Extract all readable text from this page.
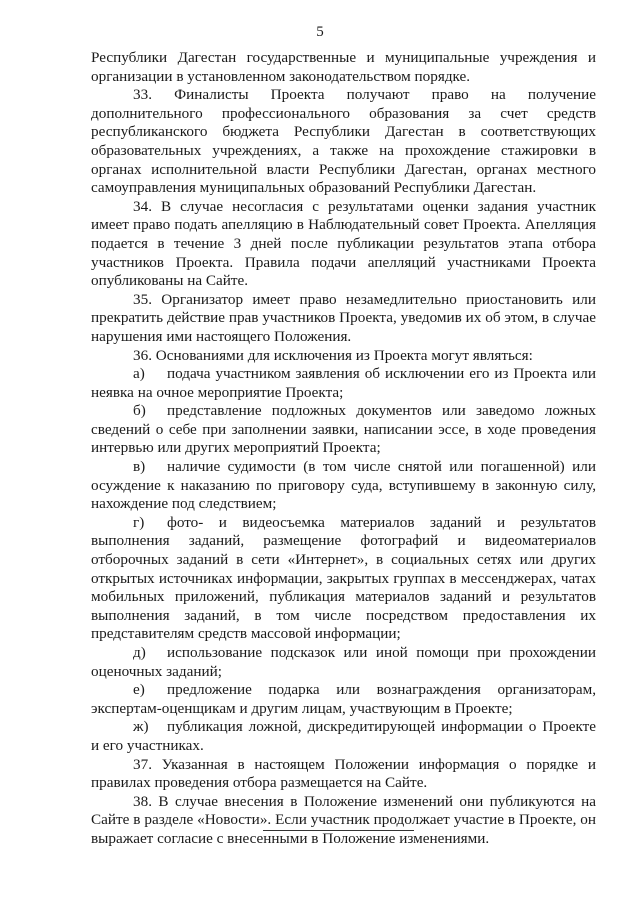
5

Республики Дагестан государственные и муниципальные учреждения и организации в установленном законодательством порядке.

33. Финалисты Проекта получают право на получение дополнительного профессионального образования за счет средств республиканского бюджета Республики Дагестан в соответствующих образовательных учреждениях, а также на прохождение стажировки в органах исполнительной власти Республики Дагестан, органах местного самоуправления муниципальных образований Республики Дагестан.

34. В случае несогласия с результатами оценки задания участник имеет право подать апелляцию в Наблюдательный совет Проекта. Апелляция подается в течение 3 дней после публикации результатов этапа отбора участников Проекта. Правила подачи апелляций участниками Проекта опубликованы на Сайте.

35. Организатор имеет право незамедлительно приостановить или прекратить действие прав участников Проекта, уведомив их об этом, в случае нарушения ими настоящего Положения.

36. Основаниями для исключения из Проекта могут являться:

а) подача участником заявления об исключении его из Проекта или неявка на очное мероприятие Проекта;

б) представление подложных документов или заведомо ложных сведений о себе при заполнении заявки, написании эссе, в ходе проведения интервью или других мероприятий Проекта;

в) наличие судимости (в том числе снятой или погашенной) или осуждение к наказанию по приговору суда, вступившему в законную силу, нахождение под следствием;

г) фото- и видеосъемка материалов заданий и результатов выполнения заданий, размещение фотографий и видеоматериалов отборочных заданий в сети «Интернет», в социальных сетях или других открытых источниках информации, закрытых группах в мессенджерах, чатах мобильных приложений, публикация материалов заданий и результатов выполнения заданий, в том числе посредством предоставления их представителям средств массовой информации;

д) использование подсказок или иной помощи при прохождении оценочных заданий;

е) предложение подарка или вознаграждения организаторам, экспертам-оценщикам и другим лицам, участвующим в Проекте;

ж) публикация ложной, дискредитирующей информации о Проекте и его участниках.

37. Указанная в настоящем Положении информация о порядке и правилах проведения отбора размещается на Сайте.

38. В случае внесения в Положение изменений они публикуются на Сайте в разделе «Новости». Если участник продолжает участие в Проекте, он выражает согласие с внесенными в Положение изменениями.
